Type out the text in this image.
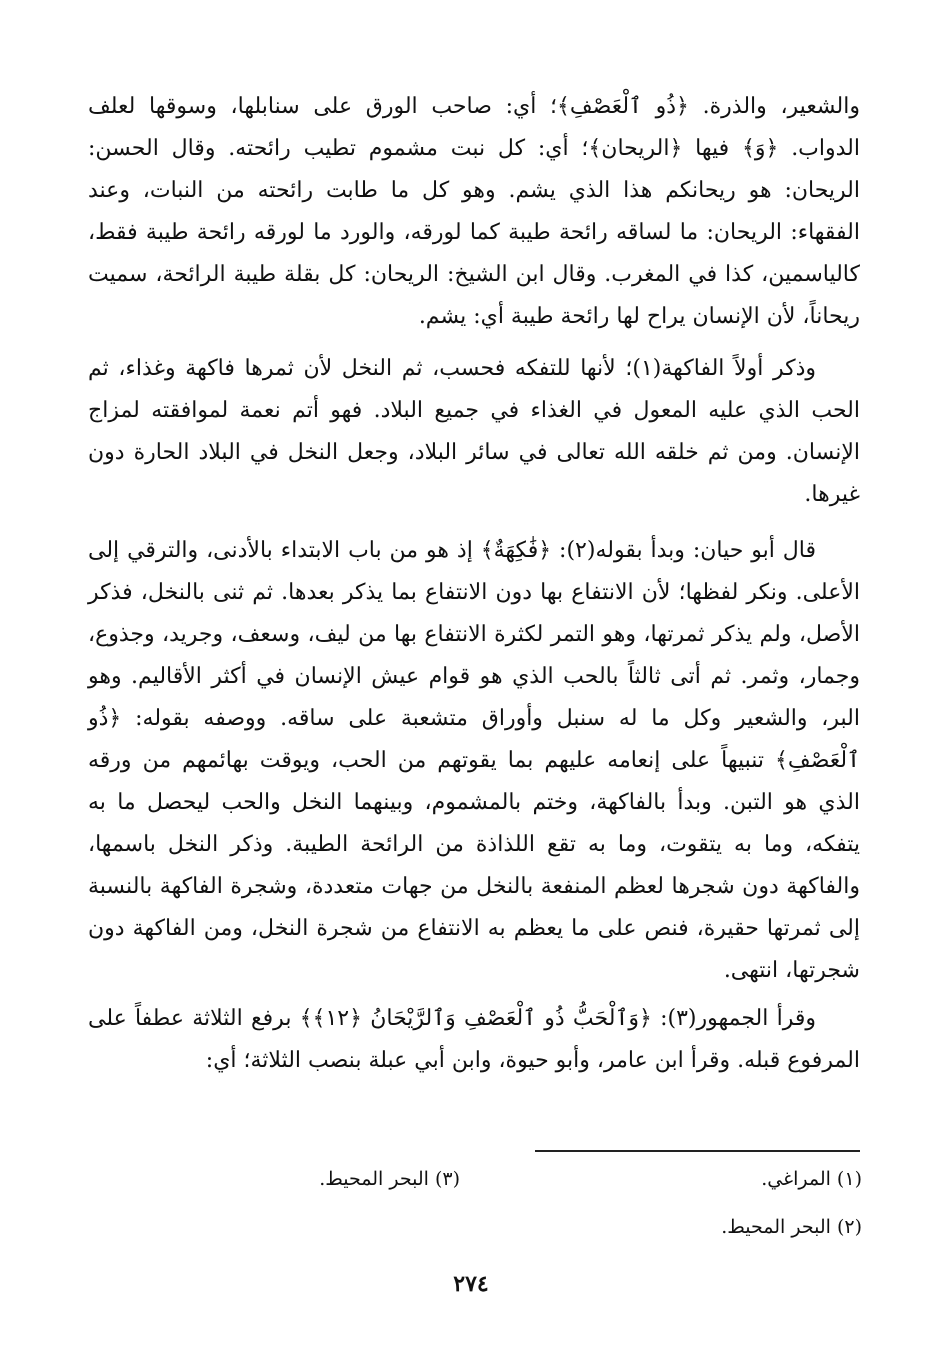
والشعير، والذرة. ﴿ذُو ٱلْعَصْفِ﴾؛ أي: صاحب الورق على سنابلها، وسوقها لعلف الدواب. ﴿وَ﴾ فيها ﴿الريحان﴾؛ أي: كل نبت مشموم تطيب رائحته. وقال الحسن: الريحان: هو ريحانكم هذا الذي يشم. وهو كل ما طابت رائحته من النبات، وعند الفقهاء: الريحان: ما لساقه رائحة طيبة كما لورقه، والورد ما لورقه رائحة طيبة فقط، كالياسمين، كذا في المغرب. وقال ابن الشيخ: الريحان: كل بقلة طيبة الرائحة، سميت ريحاناً، لأن الإنسان يراح لها رائحة طيبة أي: يشم.

وذكر أولاً الفاكهة(١)؛ لأنها للتفكه فحسب، ثم النخل لأن ثمرها فاكهة وغذاء، ثم الحب الذي عليه المعول في الغذاء في جميع البلاد. فهو أتم نعمة لموافقته لمزاج الإنسان. ومن ثم خلقه الله تعالى في سائر البلاد، وجعل النخل في البلاد الحارة دون غيرها.

قال أبو حيان: وبدأ بقوله(٢): ﴿فَٰكِهَةٌ﴾ إذ هو من باب الابتداء بالأدنى، والترقي إلى الأعلى. ونكر لفظها؛ لأن الانتفاع بها دون الانتفاع بما يذكر بعدها. ثم ثنى بالنخل، فذكر الأصل، ولم يذكر ثمرتها، وهو التمر لكثرة الانتفاع بها من ليف، وسعف، وجريد، وجذوع، وجمار، وثمر. ثم أتى ثالثاً بالحب الذي هو قوام عيش الإنسان في أكثر الأقاليم. وهو البر، والشعير وكل ما له سنبل وأوراق متشعبة على ساقه. ووصفه بقوله: ﴿ذُو ٱلْعَصْفِ﴾ تنبيهاً على إنعامه عليهم بما يقوتهم من الحب، ويوقت بهائمهم من ورقه الذي هو التبن. وبدأ بالفاكهة، وختم بالمشموم، وبينهما النخل والحب ليحصل ما به يتفكه، وما به يتقوت، وما به تقع اللذاذة من الرائحة الطيبة. وذكر النخل باسمها، والفاكهة دون شجرها لعظم المنفعة بالنخل من جهات متعددة، وشجرة الفاكهة بالنسبة إلى ثمرتها حقيرة، فنص على ما يعظم به الانتفاع من شجرة النخل، ومن الفاكهة دون شجرتها، انتهى.

وقرأ الجمهور(٣): ﴿وَٱلْحَبُّ ذُو ٱلْعَصْفِ وَٱلرَّيْحَانُ ﴿١٢﴾﴾ برفع الثلاثة عطفاً على المرفوع قبله. وقرأ ابن عامر، وأبو حيوة، وابن أبي عبلة بنصب الثلاثة؛ أي:

(١) المراغي.
(٣) البحر المحيط.
(٢) البحر المحيط.
٢٧٤
